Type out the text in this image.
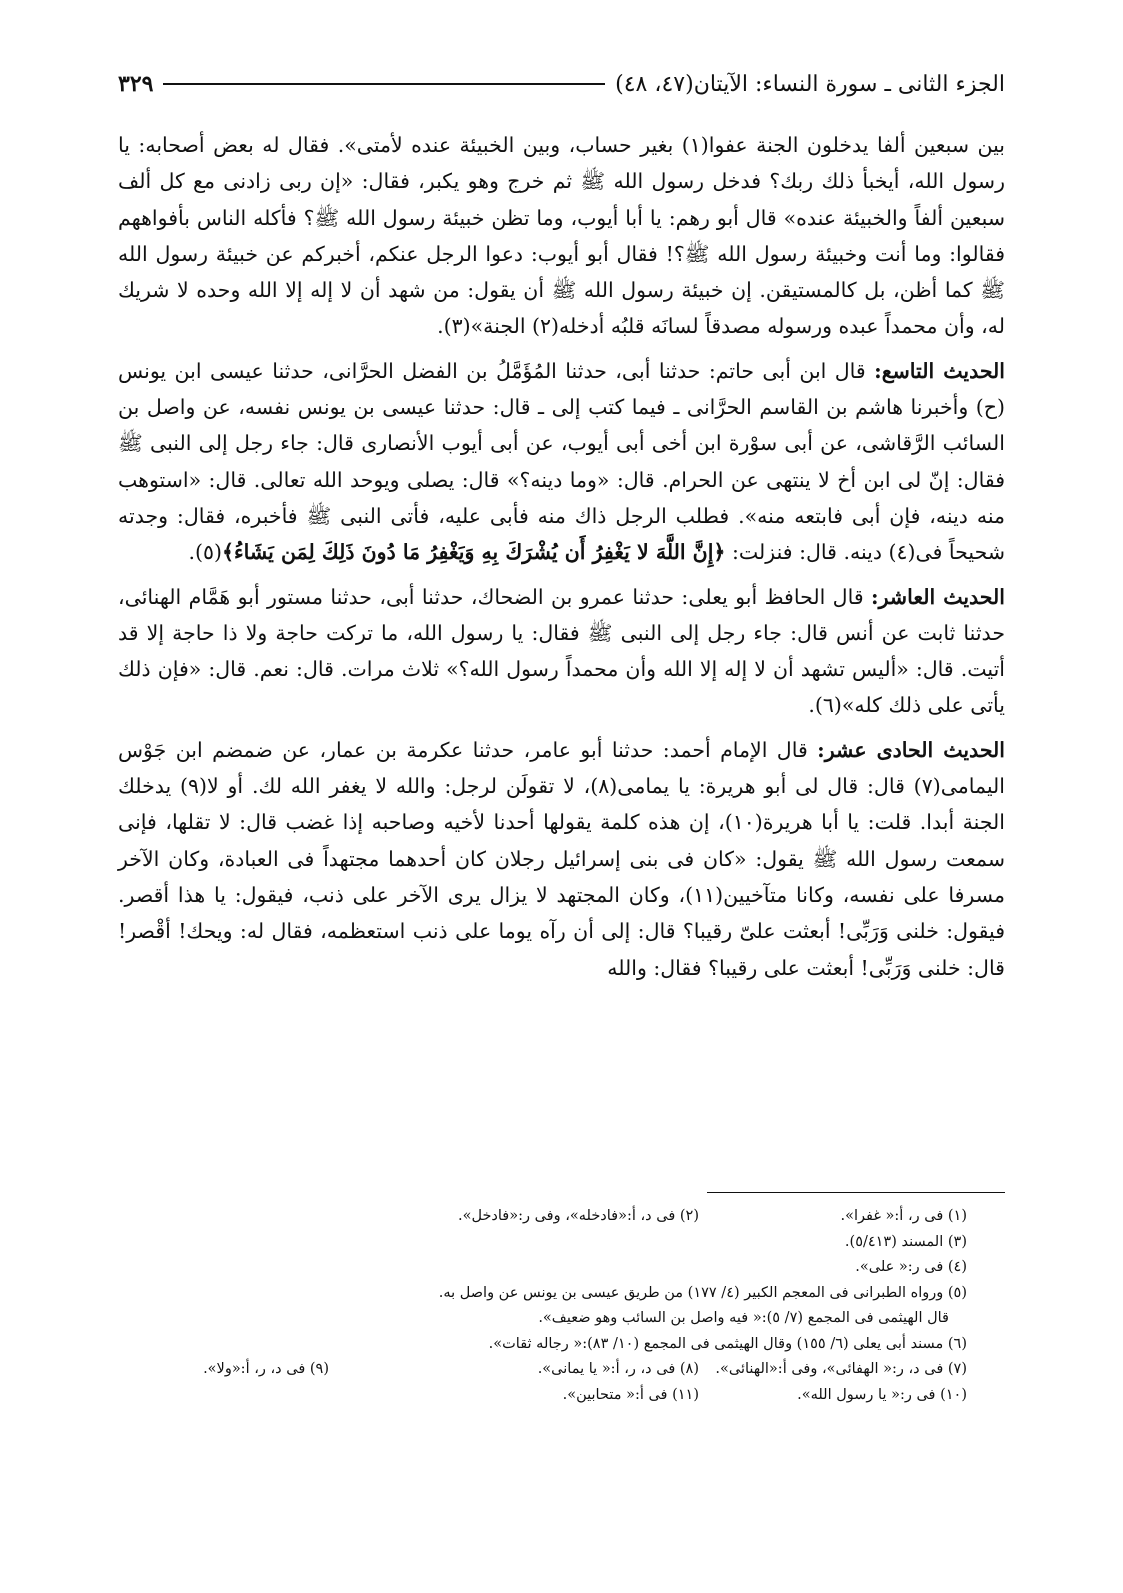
الجزء الثانى ـ سورة النساء: الآيتان(٤٧، ٤٨)
٣٢٩

بين سبعين ألفا يدخلون الجنة عفوا(١) بغير حساب، وبين الخبيئة عنده لأمتى». فقال له بعض أصحابه: يا رسول الله، أيخبأ ذلك ربك؟ فدخل رسول الله ﷺ ثم خرج وهو يكبر، فقال: «إن ربى زادنى مع كل ألف سبعين ألفاً والخبيئة عنده» قال أبو رهم: يا أبا أيوب، وما تظن خبيئة رسول الله ﷺ؟ فأكله الناس بأفواههم فقالوا: وما أنت وخبيئة رسول الله ﷺ؟! فقال أبو أيوب: دعوا الرجل عنكم، أخبركم عن خبيئة رسول الله ﷺ كما أظن، بل كالمستيقن. إن خبيئة رسول الله ﷺ أن يقول: من شهد أن لا إله إلا الله وحده لا شريك له، وأن محمداً عبده ورسوله مصدقاً لسانَه قلبُه أدخله(٢) الجنة»(٣).

الحديث التاسع: قال ابن أبى حاتم: حدثنا أبى، حدثنا المُؤَمَّلُ بن الفضل الحرَّانى، حدثنا عيسى ابن يونس (ح) وأخبرنا هاشم بن القاسم الحرَّانى ـ فيما كتب إلى ـ قال: حدثنا عيسى بن يونس نفسه، عن واصل بن السائب الرَّقاشى، عن أبى سوْرة ابن أخى أبى أيوب، عن أبى أيوب الأنصارى قال: جاء رجل إلى النبى ﷺ فقال: إنّ لى ابن أخ لا ينتهى عن الحرام. قال: «وما دينه؟» قال: يصلى ويوحد الله تعالى. قال: «استوهب منه دينه، فإن أبى فابتعه منه». فطلب الرجل ذاك منه فأبى عليه، فأتى النبى ﷺ فأخبره، فقال: وجدته شحيحاً فى(٤) دينه. قال: فنزلت: ﴿إِنَّ اللَّهَ لا يَغْفِرُ أَن يُشْرَكَ بِهِ وَيَغْفِرُ مَا دُونَ ذَلِكَ لِمَن يَشَاءُ﴾(٥).

الحديث العاشر: قال الحافظ أبو يعلى: حدثنا عمرو بن الضحاك، حدثنا أبى، حدثنا مستور أبو هَمَّام الهنائى، حدثنا ثابت عن أنس قال: جاء رجل إلى النبى ﷺ فقال: يا رسول الله، ما تركت حاجة ولا ذا حاجة إلا قد أتيت. قال: «أليس تشهد أن لا إله إلا الله وأن محمداً رسول الله؟» ثلاث مرات. قال: نعم. قال: «فإن ذلك يأتى على ذلك كله»(٦).

الحديث الحادى عشر: قال الإمام أحمد: حدثنا أبو عامر، حدثنا عكرمة بن عمار، عن ضمضم ابن جَوْس اليمامى(٧) قال: قال لى أبو هريرة: يا يمامى(٨)، لا تقولَن لرجل: والله لا يغفر الله لك. أو لا(٩) يدخلك الجنة أبدا. قلت: يا أبا هريرة(١٠)، إن هذه كلمة يقولها أحدنا لأخيه وصاحبه إذا غضب قال: لا تقلها، فإنى سمعت رسول الله ﷺ يقول: «كان فى بنى إسرائيل رجلان كان أحدهما مجتهداً فى العبادة، وكان الآخر مسرفا على نفسه، وكانا متآخيين(١١)، وكان المجتهد لا يزال يرى الآخر على ذنب، فيقول: يا هذا أقصر. فيقول: خلنى وَرَبِّى! أبعثت علىّ رقيبا؟ قال: إلى أن رآه يوما على ذنب استعظمه، فقال له: ويحك! أقْصر! قال: خلنى وَرَبِّى! أبعثت على رقيبا؟ فقال: والله

(١) فى ر، أ:« غفرا».
(٢) فى د، أ:«فادخله»، وفى ر:«فادخل».
(٣) المسند (٥/٤١٣).
(٤) فى ر:« على».
(٥) ورواه الطبرانى فى المعجم الكبير (٤/ ١٧٧) من طريق عيسى بن يونس عن واصل به.
قال الهيثمى فى المجمع (٧/ ٥):« فيه واصل بن السائب وهو ضعيف».
(٦) مسند أبى يعلى (٦/ ١٥٥) وقال الهيثمى فى المجمع (١٠/ ٨٣):« رجاله ثقات».
(٧) فى د، ر:« الهفائى»، وفى أ:«الهنائى».
(٨) فى د، ر، أ:« يا يمانى».
(٩) فى د، ر، أ:«ولا».
(١٠) فى ر:« يا رسول الله».
(١١) فى أ:« متحابين».
